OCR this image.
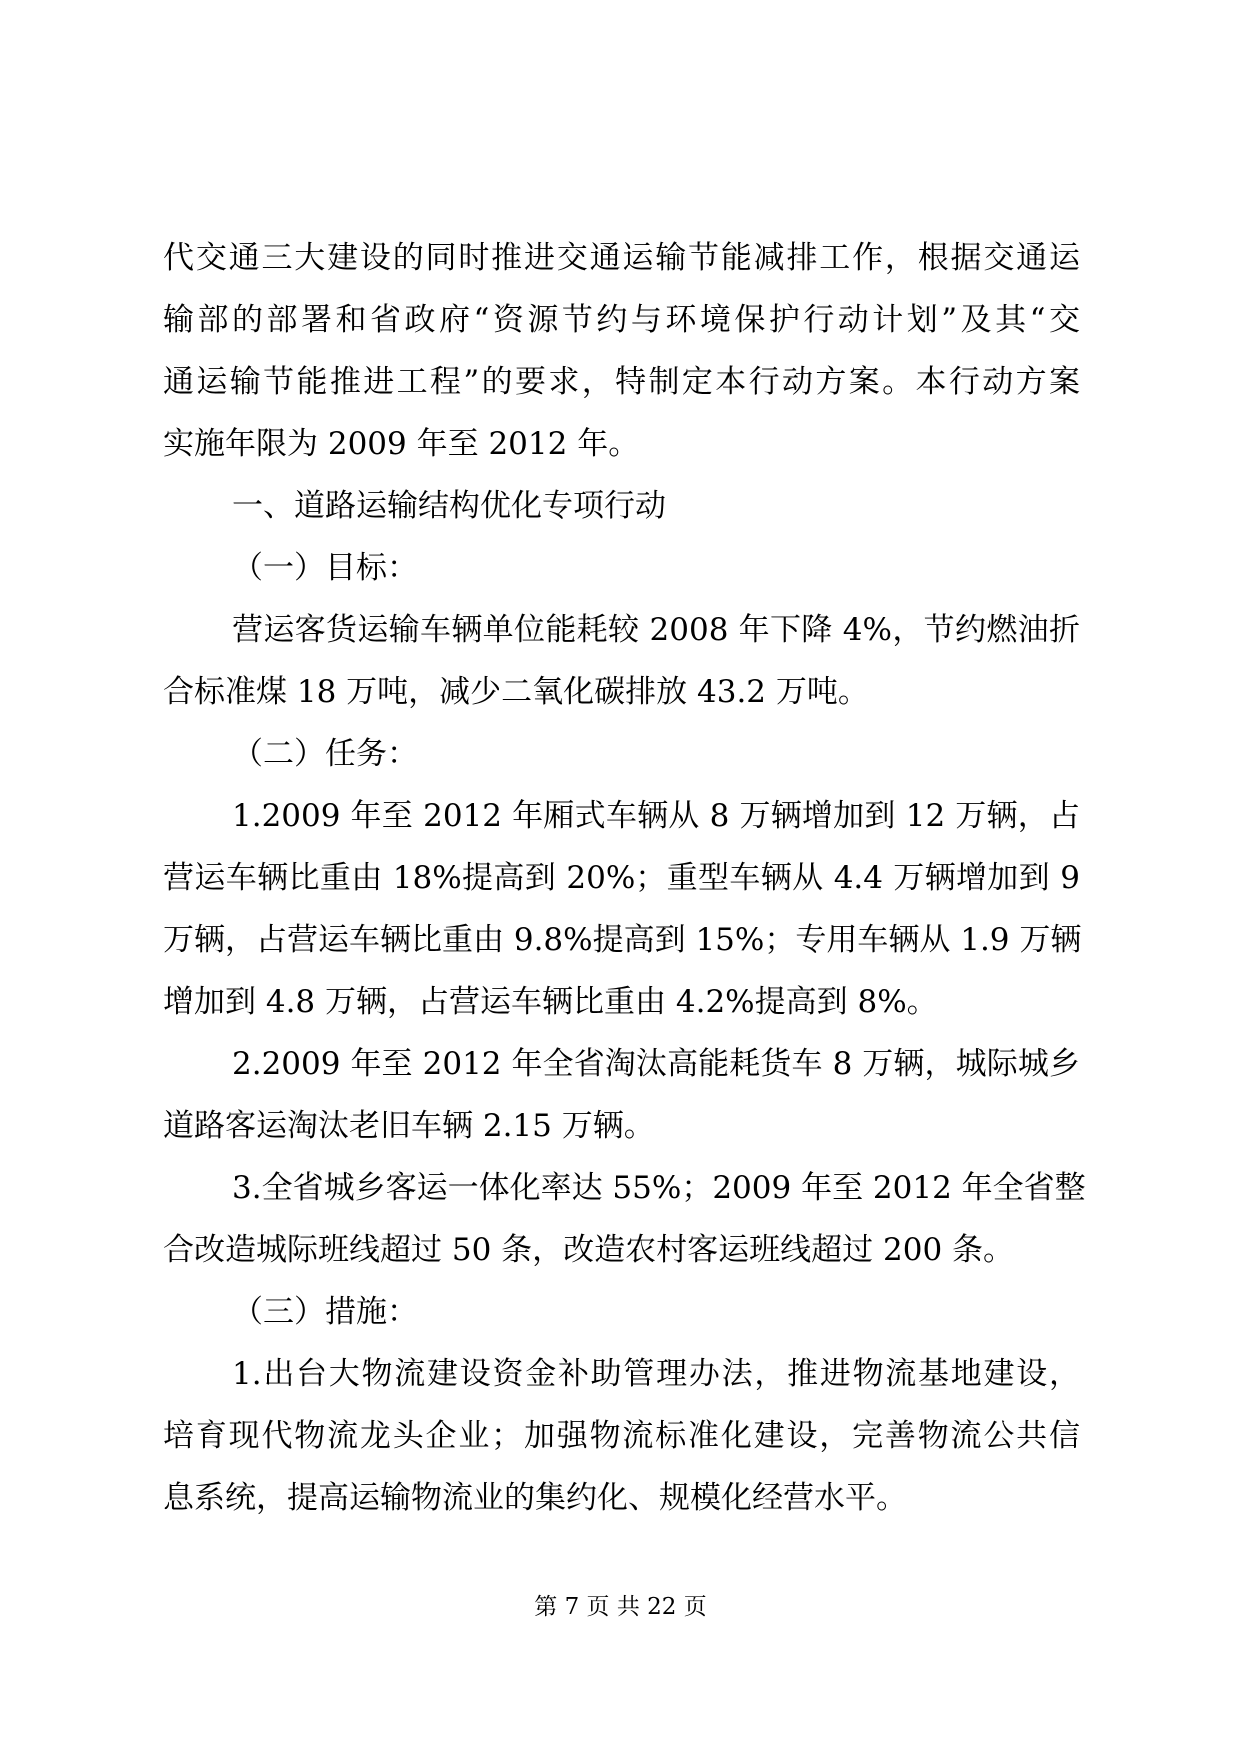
代交通三大建设的同时推进交通运输节能减排工作，根据交通运
输部的部署和省政府“资源节约与环境保护行动计划”及其“交
通运输节能推进工程”的要求，特制定本行动方案。本行动方案
实施年限为 2009 年至 2012 年。
一、道路运输结构优化专项行动
（一）目标：
营运客货运输车辆单位能耗较 2008 年下降 4%，节约燃油折
合标准煤 18 万吨，减少二氧化碳排放 43.2 万吨。
（二）任务：
1.2009 年至 2012 年厢式车辆从 8 万辆增加到 12 万辆，占
营运车辆比重由 18%提高到 20%；重型车辆从 4.4 万辆增加到 9
万辆，占营运车辆比重由 9.8%提高到 15%；专用车辆从 1.9 万辆
增加到 4.8 万辆，占营运车辆比重由 4.2%提高到 8%。
2.2009 年至 2012 年全省淘汰高能耗货车 8 万辆，城际城乡
道路客运淘汰老旧车辆 2.15 万辆。
3.全省城乡客运一体化率达 55%；2009 年至 2012 年全省整
合改造城际班线超过 50 条，改造农村客运班线超过 200 条。
（三）措施：
1.出台大物流建设资金补助管理办法，推进物流基地建设，
培育现代物流龙头企业；加强物流标准化建设，完善物流公共信
息系统，提高运输物流业的集约化、规模化经营水平。
第 7 页 共 22 页
